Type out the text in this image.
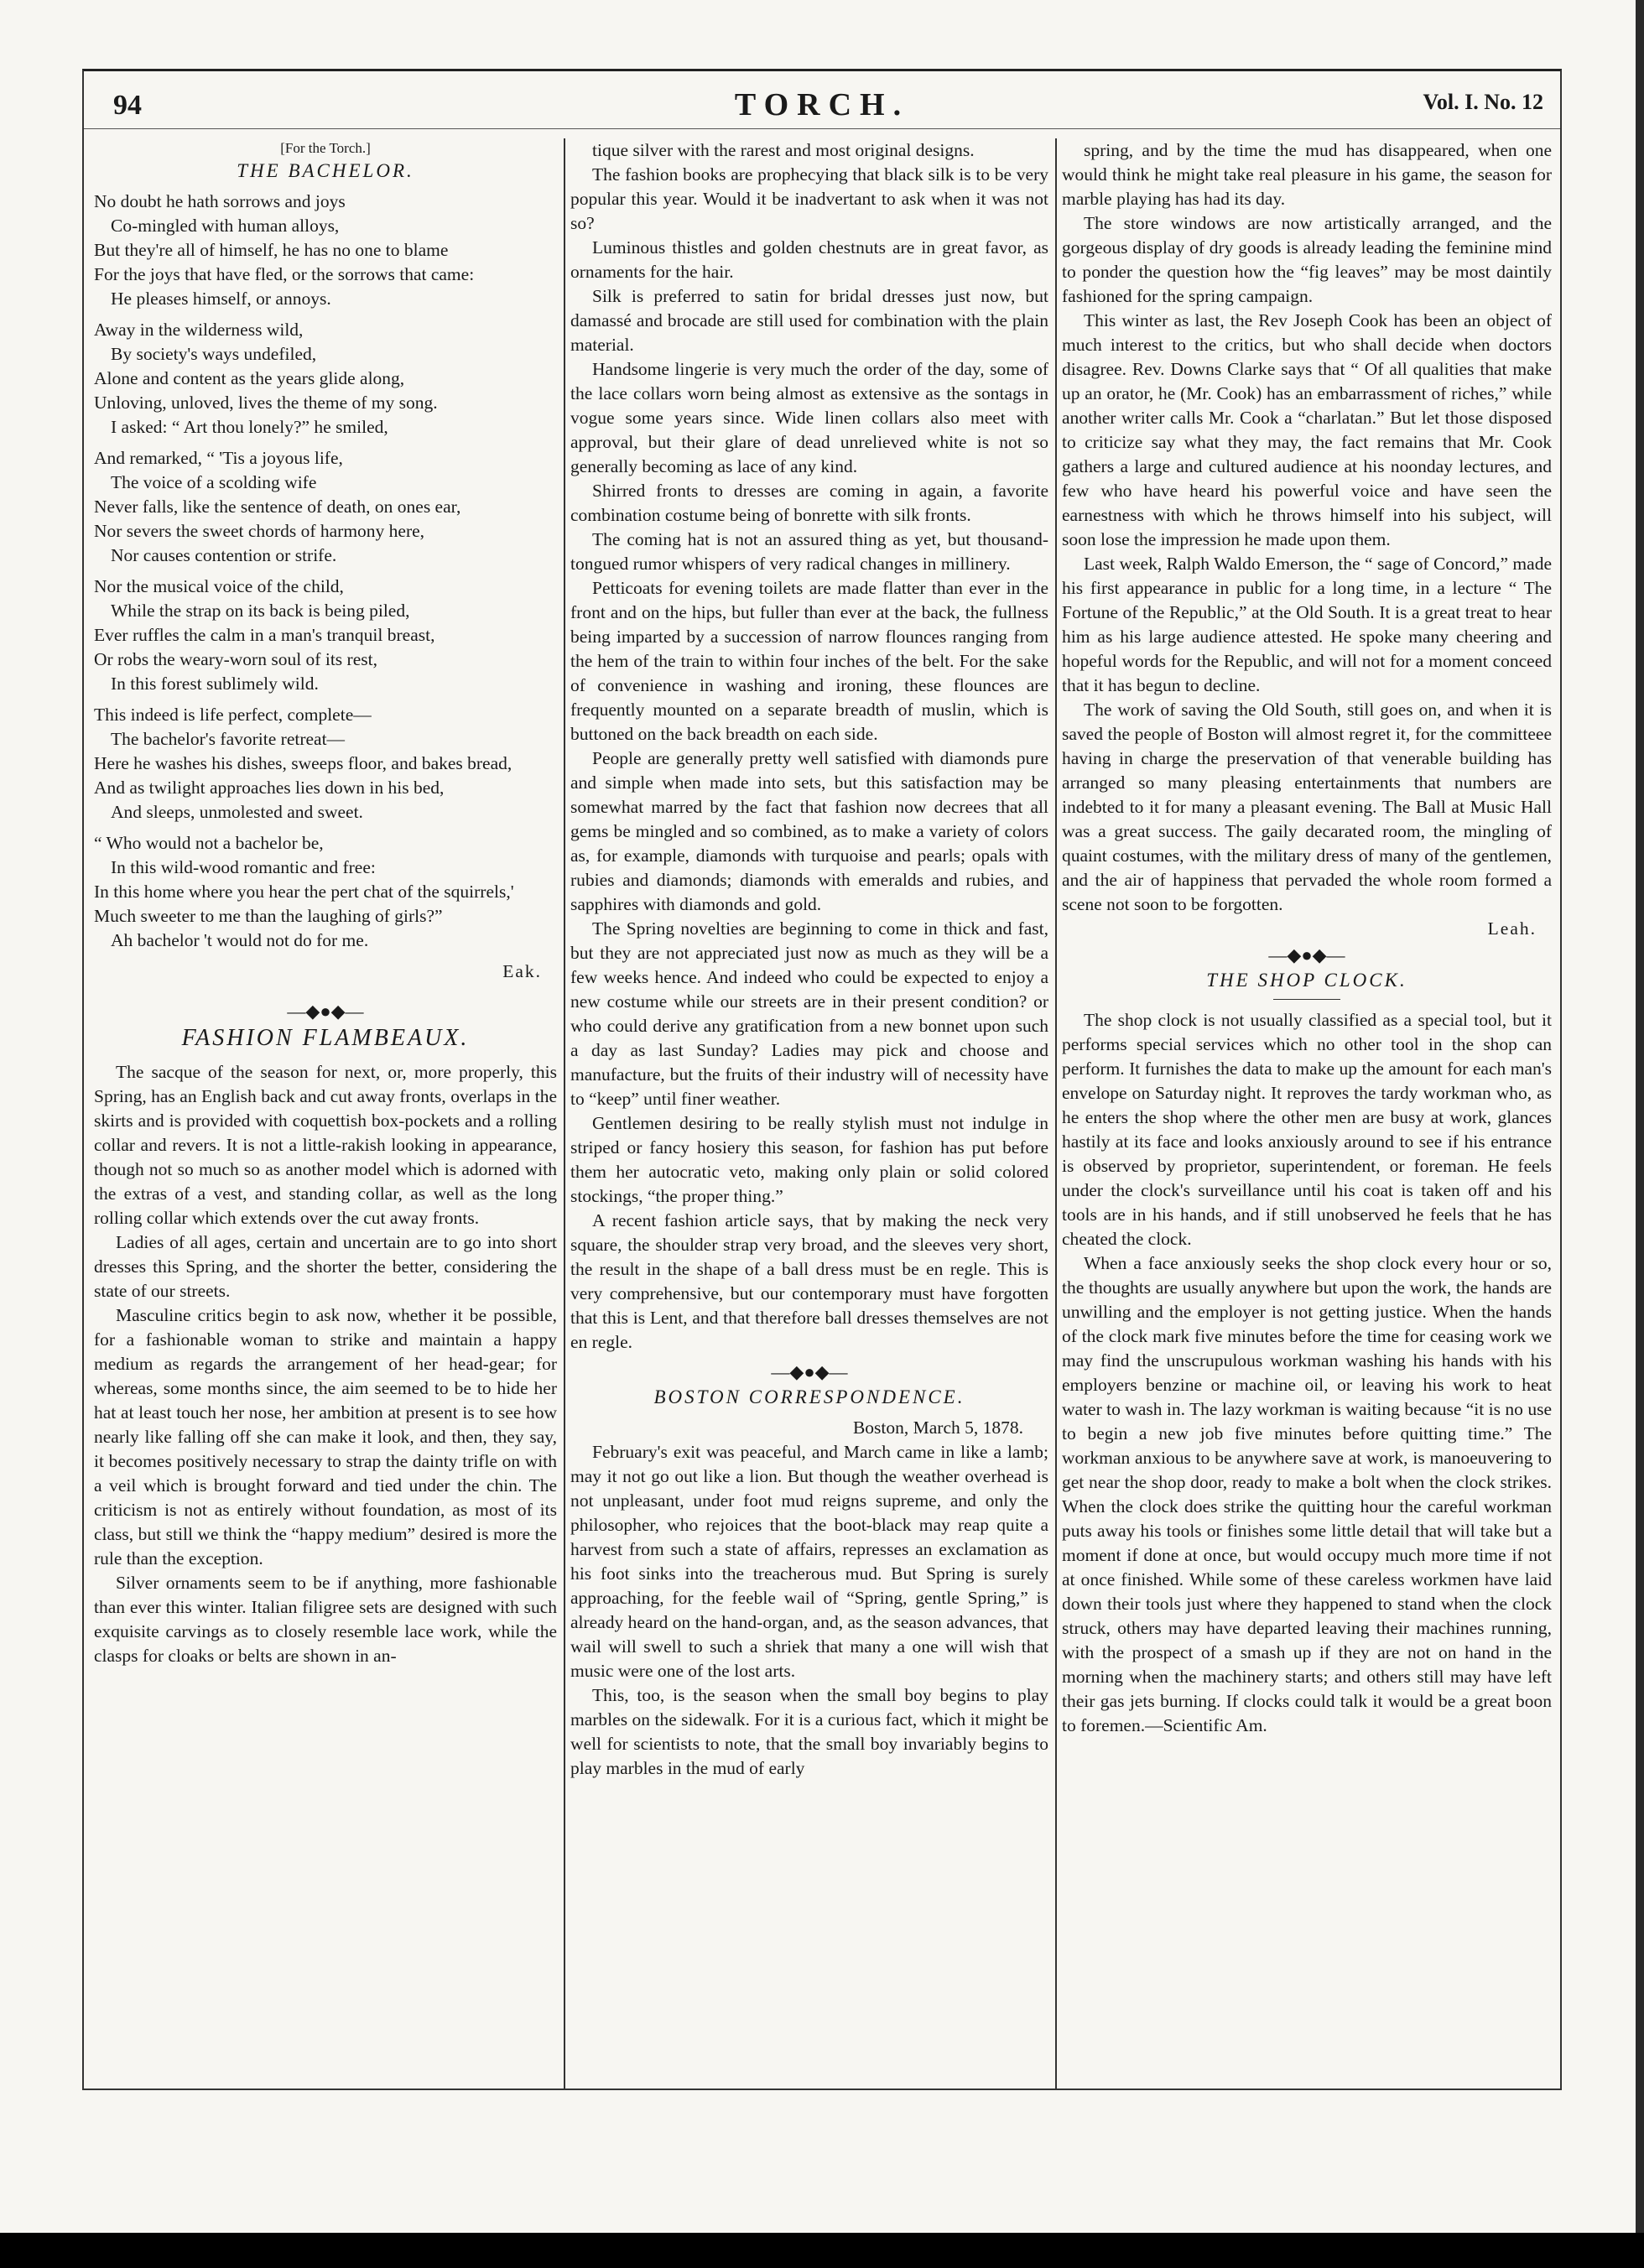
94	TORCH.	Vol. I. No. 12
[For the Torch.]
THE BACHELOR.
No doubt he hath sorrows and joys
Co-mingled with human alloys,
But they're all of himself, he has no one to blame
For the joys that have fled, or the sorrows that came:
He pleases himself, or annoys.
Away in the wilderness wild,
By society's ways undefiled,
Alone and content as the years glide along,
Unloving, unloved, lives the theme of my song.
I asked: “ Art thou lonely?” he smiled,
And remarked, “ 'Tis a joyous life,
The voice of a scolding wife
Never falls, like the sentence of death, on ones ear,
Nor severs the sweet chords of harmony here,
Nor causes contention or strife.
Nor the musical voice of the child,
While the strap on its back is being piled,
Ever ruffles the calm in a man's tranquil breast,
Or robs the weary-worn soul of its rest,
In this forest sublimely wild.
This indeed is life perfect, complete—
The bachelor's favorite retreat—
Here he washes his dishes, sweeps floor, and bakes bread,
And as twilight approaches lies down in his bed,
And sleeps, unmolested and sweet.
“ Who would not a bachelor be,
In this wild-wood romantic and free:
In this home where you hear the pert chat of the squirrels,'
Much sweeter to me than the laughing of girls?”
Ah bachelor 't would not do for me.
Eak.
—◆●◆—
FASHION FLAMBEAUX.

The sacque of the season for next, or, more properly, this Spring, has an English back and cut away fronts, overlaps in the skirts and is provided with coquettish box-pockets and a rolling collar and revers. It is not a little-rakish looking in appearance, though not so much so as another model which is adorned with the extras of a vest, and standing collar, as well as the long rolling collar which extends over the cut away fronts.

Ladies of all ages, certain and uncertain are to go into short dresses this Spring, and the shorter the better, considering the state of our streets.

Masculine critics begin to ask now, whether it be possible, for a fashionable woman to strike and maintain a happy medium as regards the arrangement of her head-gear; for whereas, some months since, the aim seemed to be to hide her hat at least touch her nose, her ambition at present is to see how nearly like falling off she can make it look, and then, they say, it becomes positively necessary to strap the dainty trifle on with a veil which is brought forward and tied under the chin. The criticism is not as entirely without foundation, as most of its class, but still we think the “happy medium” desired is more the rule than the exception.

Silver ornaments seem to be if anything, more fashionable than ever this winter. Italian filigree sets are designed with such exquisite carvings as to closely resemble lace work, while the clasps for cloaks or belts are shown in an-

tique silver with the rarest and most original designs.

The fashion books are prophecying that black silk is to be very popular this year. Would it be inadvertant to ask when it was not so?

Luminous thistles and golden chestnuts are in great favor, as ornaments for the hair.

Silk is preferred to satin for bridal dresses just now, but damassé and brocade are still used for combination with the plain material.

Handsome lingerie is very much the order of the day, some of the lace collars worn being almost as extensive as the sontags in vogue some years since. Wide linen collars also meet with approval, but their glare of dead unrelieved white is not so generally becoming as lace of any kind.

Shirred fronts to dresses are coming in again, a favorite combination costume being of bonrette with silk fronts.

The coming hat is not an assured thing as yet, but thousand-tongued rumor whispers of very radical changes in millinery.

Petticoats for evening toilets are made flatter than ever in the front and on the hips, but fuller than ever at the back, the fullness being imparted by a succession of narrow flounces ranging from the hem of the train to within four inches of the belt. For the sake of convenience in washing and ironing, these flounces are frequently mounted on a separate breadth of muslin, which is buttoned on the back breadth on each side.

People are generally pretty well satisfied with diamonds pure and simple when made into sets, but this satisfaction may be somewhat marred by the fact that fashion now decrees that all gems be mingled and so combined, as to make a variety of colors as, for example, diamonds with turquoise and pearls; opals with rubies and diamonds; diamonds with emeralds and rubies, and sapphires with diamonds and gold.

The Spring novelties are beginning to come in thick and fast, but they are not appreciated just now as much as they will be a few weeks hence. And indeed who could be expected to enjoy a new costume while our streets are in their present condition? or who could derive any gratification from a new bonnet upon such a day as last Sunday? Ladies may pick and choose and manufacture, but the fruits of their industry will of necessity have to “keep” until finer weather.

Gentlemen desiring to be really stylish must not indulge in striped or fancy hosiery this season, for fashion has put before them her autocratic veto, making only plain or solid colored stockings, “the proper thing.”

A recent fashion article says, that by making the neck very square, the shoulder strap very broad, and the sleeves very short, the result in the shape of a ball dress must be en regle. This is very comprehensive, but our contemporary must have forgotten that this is Lent, and that therefore ball dresses themselves are not en regle.

—◆●◆—
BOSTON CORRESPONDENCE.

Boston, March 5, 1878.

February's exit was peaceful, and March came in like a lamb; may it not go out like a lion. But though the weather overhead is not unpleasant, under foot mud reigns supreme, and only the philosopher, who rejoices that the boot-black may reap quite a harvest from such a state of affairs, represses an exclamation as his foot sinks into the treacherous mud. But Spring is surely approaching, for the feeble wail of “Spring, gentle Spring,” is already heard on the hand-organ, and, as the season advances, that wail will swell to such a shriek that many a one will wish that music were one of the lost arts.

This, too, is the season when the small boy begins to play marbles on the sidewalk. For it is a curious fact, which it might be well for scientists to note, that the small boy invariably begins to play marbles in the mud of early

spring, and by the time the mud has disappeared, when one would think he might take real pleasure in his game, the season for marble playing has had its day.

The store windows are now artistically arranged, and the gorgeous display of dry goods is already leading the feminine mind to ponder the question how the “fig leaves” may be most daintily fashioned for the spring campaign.

This winter as last, the Rev Joseph Cook has been an object of much interest to the critics, but who shall decide when doctors disagree. Rev. Downs Clarke says that “ Of all qualities that make up an orator, he (Mr. Cook) has an embarrassment of riches,” while another writer calls Mr. Cook a “charlatan.” But let those disposed to criticize say what they may, the fact remains that Mr. Cook gathers a large and cultured audience at his noonday lectures, and few who have heard his powerful voice and have seen the earnestness with which he throws himself into his subject, will soon lose the impression he made upon them.

Last week, Ralph Waldo Emerson, the “ sage of Concord,” made his first appearance in public for a long time, in a lecture “ The Fortune of the Republic,” at the Old South. It is a great treat to hear him as his large audience attested. He spoke many cheering and hopeful words for the Republic, and will not for a moment conceed that it has begun to decline.

The work of saving the Old South, still goes on, and when it is saved the people of Boston will almost regret it, for the committeee having in charge the preservation of that venerable building has arranged so many pleasing entertainments that numbers are indebted to it for many a pleasant evening. The Ball at Music Hall was a great success. The gaily decarated room, the mingling of quaint costumes, with the military dress of many of the gentlemen, and the air of happiness that pervaded the whole room formed a scene not soon to be forgotten.

Leah.
—◆●◆—
THE SHOP CLOCK.

The shop clock is not usually classified as a special tool, but it performs special services which no other tool in the shop can perform. It furnishes the data to make up the amount for each man's envelope on Saturday night. It reproves the tardy workman who, as he enters the shop where the other men are busy at work, glances hastily at its face and looks anxiously around to see if his entrance is observed by proprietor, superintendent, or foreman. He feels under the clock's surveillance until his coat is taken off and his tools are in his hands, and if still unobserved he feels that he has cheated the clock.

When a face anxiously seeks the shop clock every hour or so, the thoughts are usually anywhere but upon the work, the hands are unwilling and the employer is not getting justice. When the hands of the clock mark five minutes before the time for ceasing work we may find the unscrupulous workman washing his hands with his employers benzine or machine oil, or leaving his work to heat water to wash in. The lazy workman is waiting because “it is no use to begin a new job five minutes before quitting time.” The workman anxious to be anywhere save at work, is manoeuvering to get near the shop door, ready to make a bolt when the clock strikes. When the clock does strike the quitting hour the careful workman puts away his tools or finishes some little detail that will take but a moment if done at once, but would occupy much more time if not at once finished. While some of these careless workmen have laid down their tools just where they happened to stand when the clock struck, others may have departed leaving their machines running, with the prospect of a smash up if they are not on hand in the morning when the machinery starts; and others still may have left their gas jets burning. If clocks could talk it would be a great boon to foremen.—Scientific Am.
